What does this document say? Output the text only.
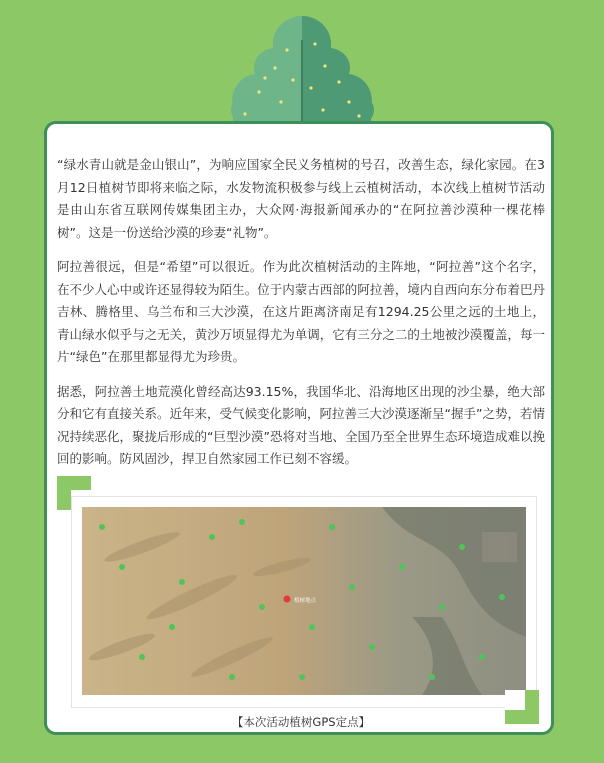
“绿水青山就是金山银山”，为响应国家全民义务植树的号召，改善生态，绿化家园。在3月12日植树节即将来临之际，水发物流积极参与线上云植树活动，本次线上植树节活动是由山东省互联网传媒集团主办，大众网·海报新闻承办的“在阿拉善沙漠种一棵花棒树”。这是一份送给沙漠的珍妻“礼物”。

阿拉善很远，但是“希望”可以很近。作为此次植树活动的主阵地，“阿拉善”这个名字，在不少人心中或许还显得较为陌生。位于内蒙古西部的阿拉善，境内自西向东分布着巴丹吉林、腾格里、乌兰布和三大沙漠，在这片距离济南足有1294.25公里之远的土地上，青山绿水似乎与之无关，黄沙万顷显得尤为单调，它有三分之二的土地被沙漠覆盖，每一片“绿色”在那里都显得尤为珍贵。

据悉，阿拉善土地荒漠化曾经高达93.15%，我国华北、沿海地区出现的沙尘暴，绝大部分和它有直接关系。近年来，受气候变化影响，阿拉善三大沙漠逐渐呈“握手”之势，若情况持续恶化，聚拢后形成的“巨型沙漠”恐将对当地、全国乃至全世界生态环境造成难以挽回的影响。防风固沙，捍卫自然家园工作已刻不容缓。

植树地点
【本次活动植树GPS定点】
